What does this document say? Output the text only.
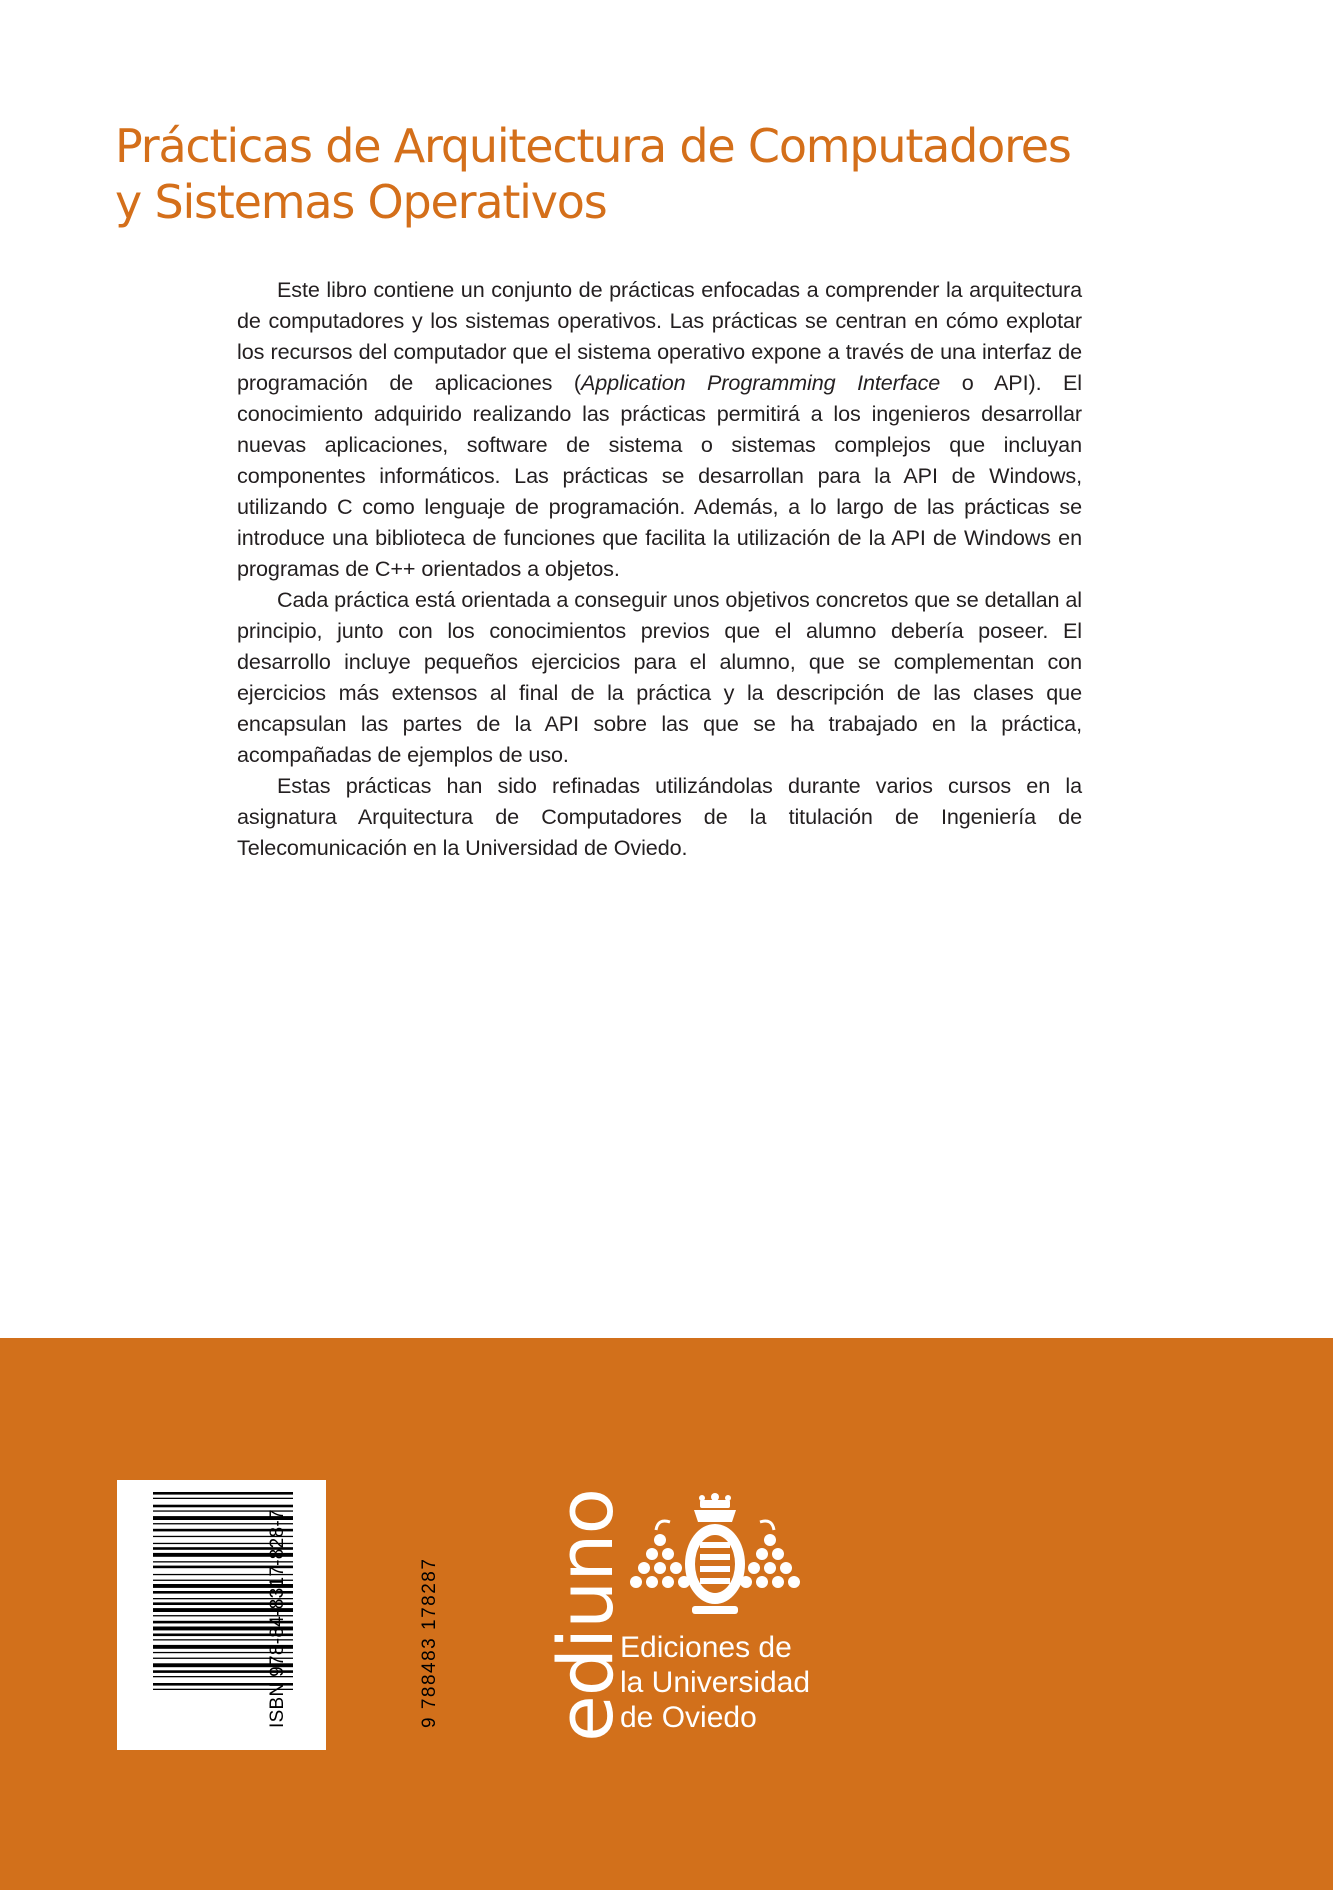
Prácticas de Arquitectura de Computadores
y Sistemas Operativos

Este libro contiene un conjunto de prácticas enfocadas a comprender la arquitectura de computadores y los sistemas operativos. Las prácticas se centran en cómo explotar los recursos del computador que el sistema operativo expone a través de una interfaz de programación de aplicaciones (Application Programming Interface o API). El conocimiento adquirido realizando las prácticas permitirá a los ingenieros desarrollar nuevas aplicaciones, software de sistema o sistemas complejos que incluyan componentes informáticos. Las prácticas se desarrollan para la API de Windows, utilizando C como lenguaje de programación. Además, a lo largo de las prácticas se introduce una biblioteca de funciones que facilita la utilización de la API de Windows en programas de C++ orientados a objetos.

Cada práctica está orientada a conseguir unos objetivos concretos que se detallan al principio, junto con los conocimientos previos que el alumno debería poseer. El desarrollo incluye pequeños ejercicios para el alumno, que se complementan con ejercicios más extensos al final de la práctica y la descripción de las clases que encapsulan las partes de la API sobre las que se ha trabajado en la práctica, acompañadas de ejemplos de uso.

Estas prácticas han sido refinadas utilizándolas durante varios cursos en la asignatura Arquitectura de Computadores de la titulación de Ingeniería de Telecomunicación en la Universidad de Oviedo.

ISBN 978-84-8317-828-7	9 788483 178287 ediuno
Ediciones de
la Universidad
de Oviedo
